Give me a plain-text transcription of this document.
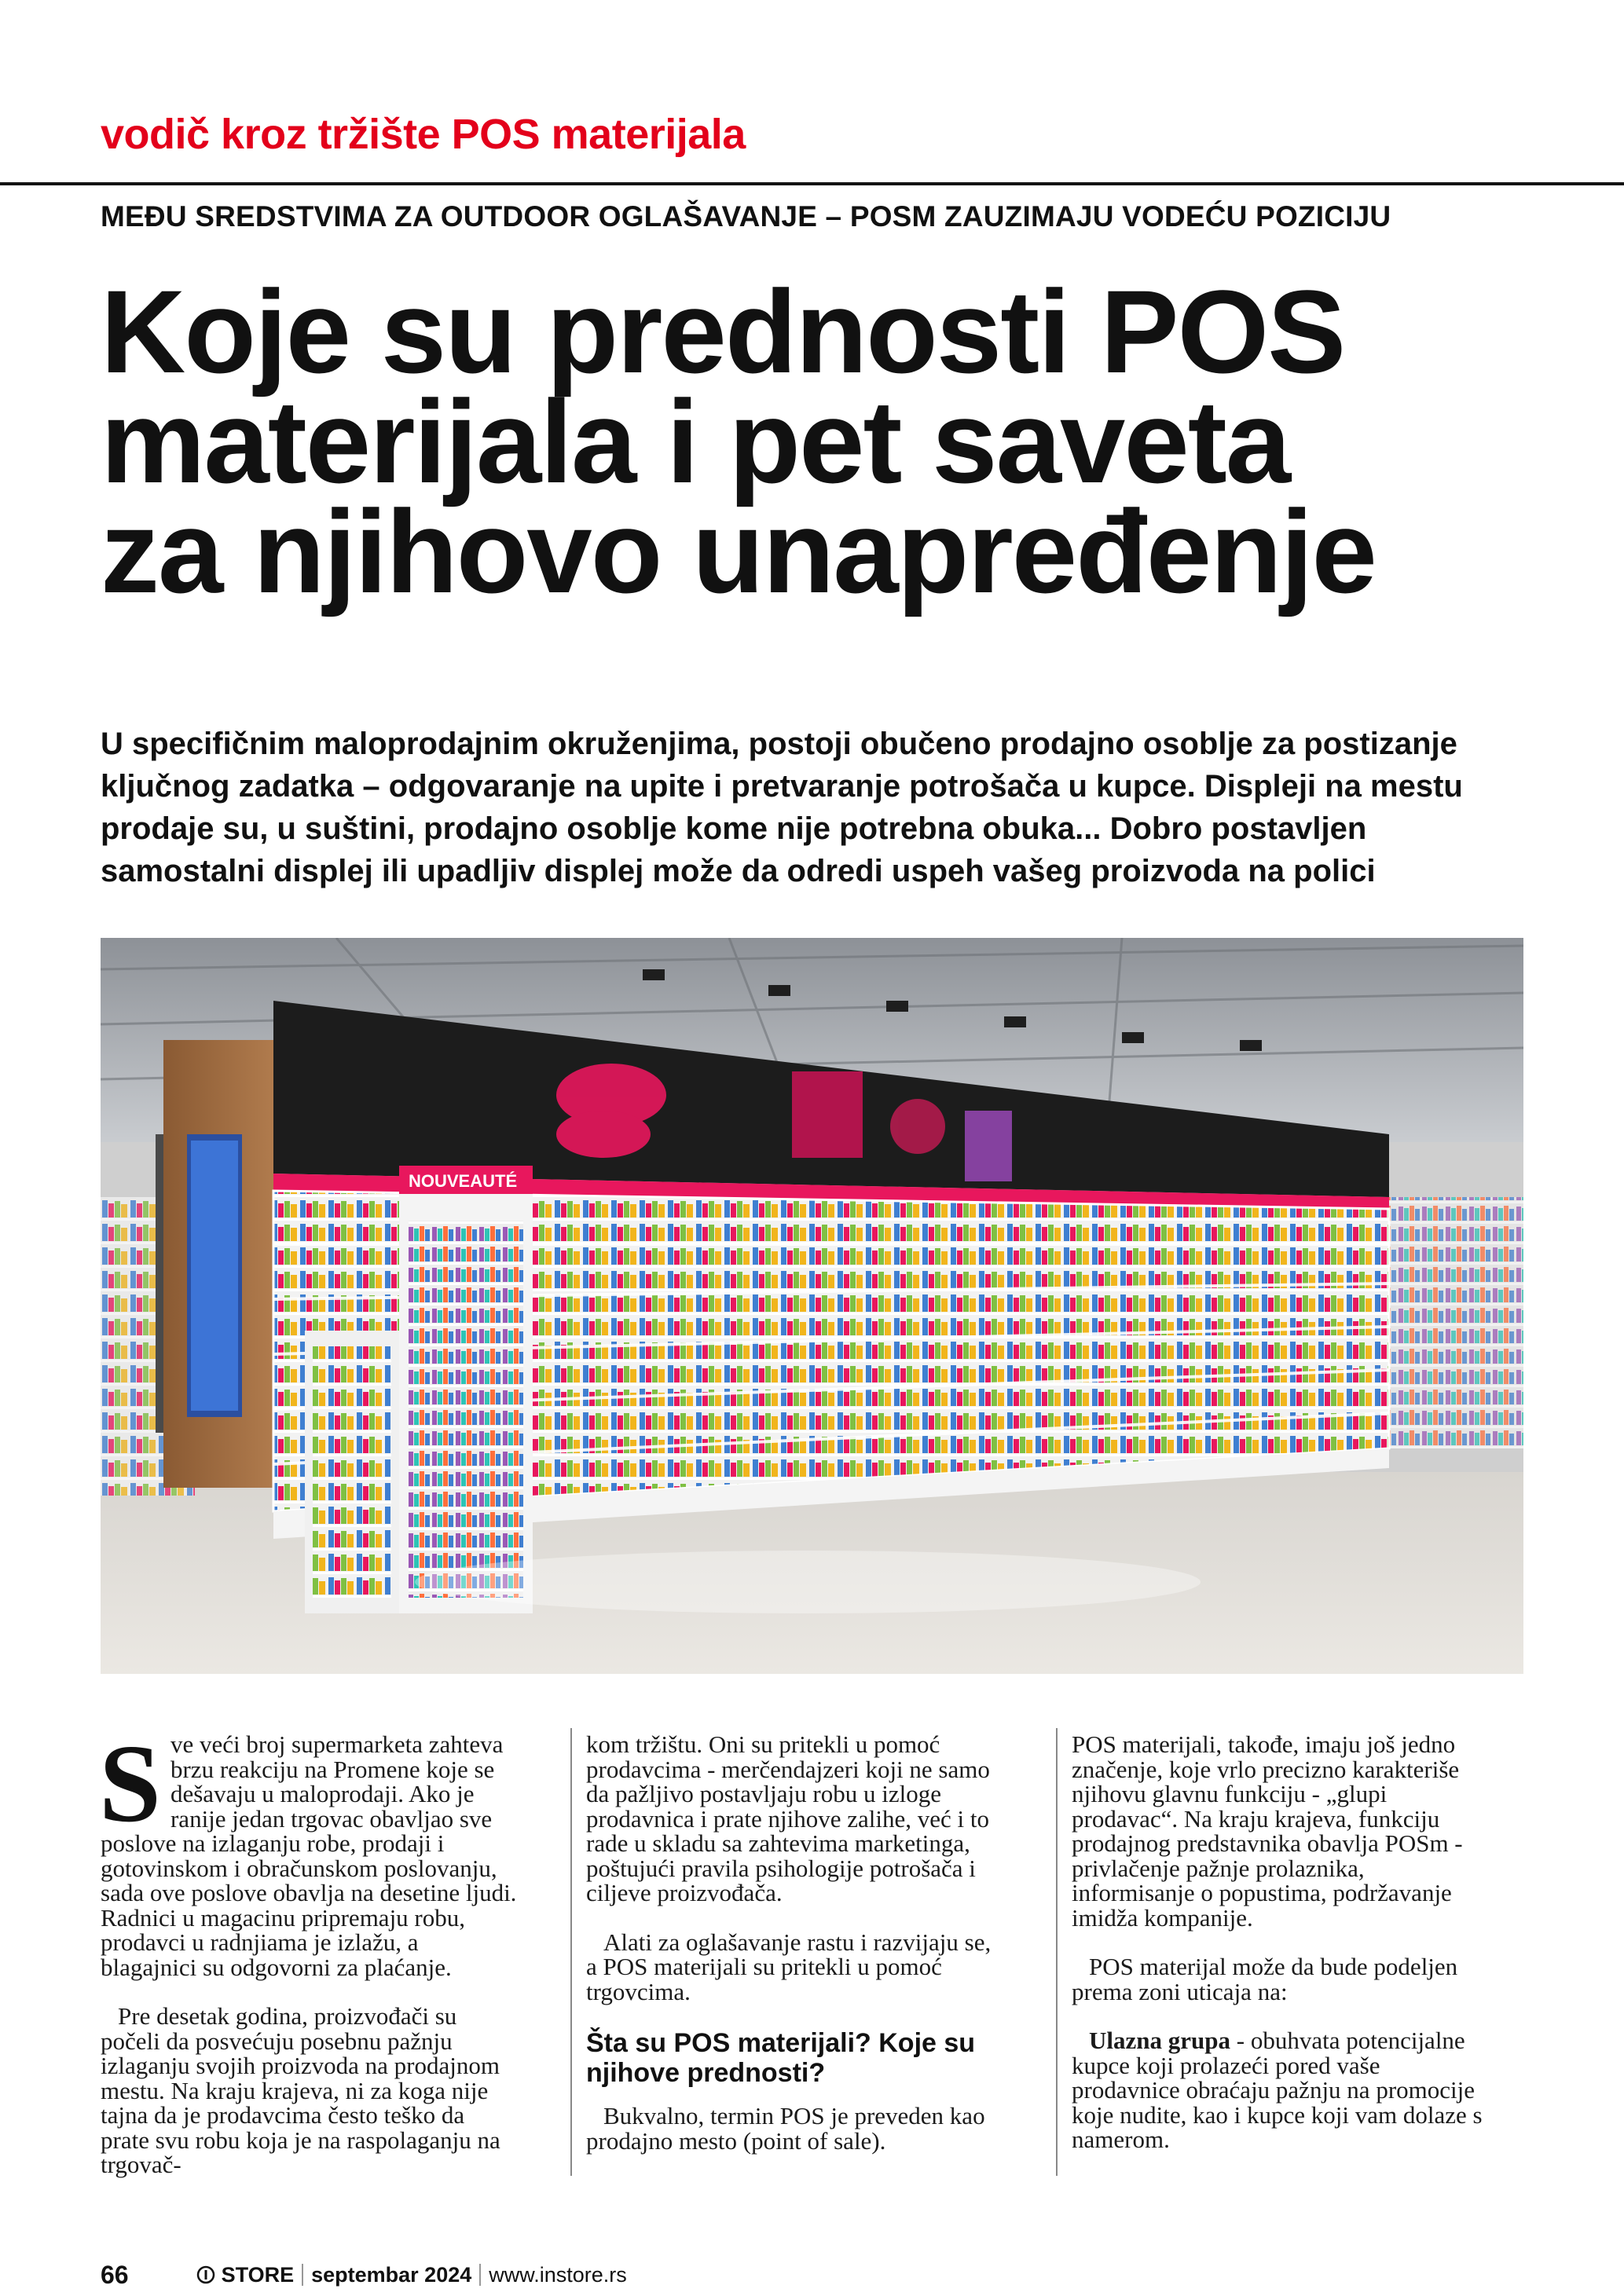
vodič kroz tržište POS materijala
MEĐU SREDSTVIMA ZA OUTDOOR OGLAŠAVANJE – POSM ZAUZIMAJU VODEĆU POZICIJU
Koje su prednosti POS
materijala i pet saveta
za njihovo unapređenje

U specifičnim maloprodajnim okruženjima, postoji obučeno prodajno osoblje za postizanje ključnog zadatka – odgovaranje na upite i pretvaranje potrošača u kupce. Displeji na mestu prodaje su, u suštini, prodajno osoblje kome nije potrebna obuka... Dobro postavljen samostalni displej ili upadljiv displej može da odredi uspeh vašeg proizvoda na polici

NOUVEAUTÉ

Sve veći broj supermarketa zahteva brzu reakciju na Promene koje se dešavaju u maloprodaji. Ako je ranije jedan trgovac obavljao sve poslove na izlaganju robe, prodaji i gotovinskom i obračunskom poslovanju, sada ove poslove obavlja na desetine ljudi. Radnici u magacinu pripremaju robu, prodavci u radnjiama je izlažu, a blagajnici su odgovorni za plaćanje.

Pre desetak godina, proizvođači su počeli da posvećuju posebnu pažnju izlaganju svojih proizvoda na prodajnom mestu. Na kraju krajeva, ni za koga nije tajna da je prodavcima često teško da prate svu robu koja je na raspolaganju na trgovač-

kom tržištu. Oni su pritekli u pomoć prodavcima - merčendajzeri koji ne samo da pažljivo postavljaju robu u izloge prodavnica i prate njihove zalihe, već i to rade u skladu sa zahtevima marketinga, poštujući pravila psihologije potrošača i ciljeve proizvođača.

Alati za oglašavanje rastu i razvijaju se, a POS materijali su pritekli u pomoć trgovcima.

Šta su POS materijali? Koje su njihove prednosti?

Bukvalno, termin POS je preveden kao prodajno mesto (point of sale).

POS materijali, takođe, imaju još jedno značenje, koje vrlo precizno karakteriše njihovu glavnu funkciju - „glupi prodavac“. Na kraju krajeva, funkciju prodajnog predstavnika obavlja POSm - privlačenje pažnje prolaznika, informisanje o popustima, podržavanje imidža kompanije.

POS materijal može da bude podeljen prema zoni uticaja na:

Ulazna grupa - obuhvata potencijalne kupce koji prolazeći pored vaše prodavnice obraćaju pažnju na promocije koje nudite, kao i kupce koji vam dolaze s namerom.

66	STORE septembar 2024 www.instore.rs
